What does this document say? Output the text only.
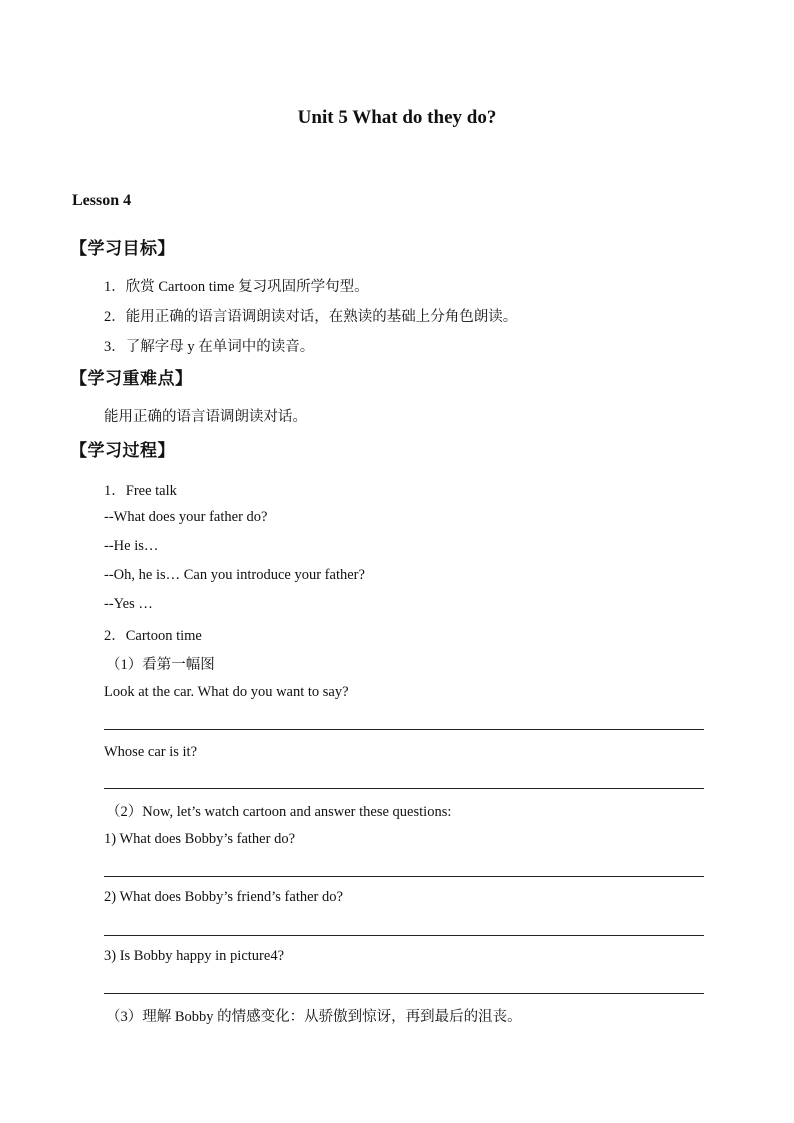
Unit 5 What do they do?
Lesson 4
【学习目标】
1．欣赏 Cartoon time 复习巩固所学句型。
2．能用正确的语言语调朗读对话，在熟读的基础上分角色朗读。
3．了解字母 y 在单词中的读音。
【学习重难点】
能用正确的语言语调朗读对话。
【学习过程】
1．Free talk
--What does your father do?
--He is…
--Oh, he is… Can you introduce your father?
--Yes …
2．Cartoon time
（1）看第一幅图
Look at the car. What do you want to say?
Whose car is it?
（2）Now, let’s watch cartoon and answer these questions:
1) What does Bobby’s father do?
2) What does Bobby’s friend’s father do?
3) Is Bobby happy in picture4?
（3）理解 Bobby 的情感变化：从骄傲到惊讶，再到最后的沮丧。
